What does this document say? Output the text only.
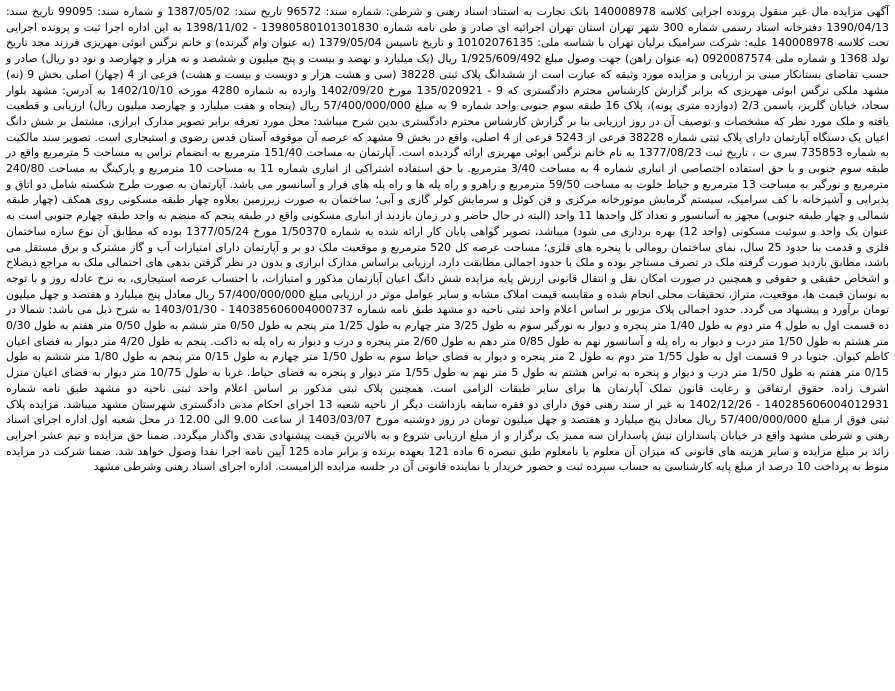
آگهی مزایده مال غیر منقول پرونده اجرایی کلاسه 140008978 بانک تجارت به استناد اسناد رهنی و شرطی: شماره سند: 96572 تاریخ سند: 1387/05/02 و شماره سند: 99095 تاریخ سند: 1390/04/13 دفترخانه اسناد رسمی شماره 300 شهر تهران استان تهران اجرائیه ای صادر و طی نامه شماره 13980580101301830 - 1398/11/02 به این اداره اجرا ثبت و پرونده اجرایی تحت کلاسه 140008978 علیه: شرکت سرامیک برلیان تهران با شناسه ملی: 10102076135 و تاریخ تاسیس 1379/05/04 (به عنوان وام گیرنده) و خانم نرگس ابوئی مهریزی فرزند مجد تاریخ تولد 1368 و شماره ملی 0920087574 (به عنوان راهن) جهت وصول مبلغ 1/925/609/492 ریال (یک میلیارد و نهصد و بیست و پنج میلیون و ششصد و نه هزار و چهارصد و نود دو ریال) صادر و حسب تقاضای بستانکار مبنی بر ارزیابی و مزایده مورد وثیقه که عبارت است از ششدانگ پلاک ثبتی 38228 (سی و هشت هزار و دویست و بیست و هشت) فرعی از 4 (چهار) اصلی بخش 9 (نه) مشهد ملکی نرگس ابوئی مهریزی که برابر گزارش کارشناس محترم دادگستری که 9 - 135/020921 مورخ 1402/09/20 وارده به شماره 4280 مورخه 1402/10/10 به آدرس: مشهد بلوار سجاد، خیابان گلریز، یاسمن 2/3 (دوازده متری پونه)، پلاک 16 طبقه سوم جنوبی واحد شماره 9 به مبلغ 57/400/000/000 ریال (پنجاه و هفت میلیارد و چهارصد میلیون ریال) ارزیابی و قطعیت یافته و ملک مورد نظر که مشخصات و توصیف آن در روز ارزیابی بنا بر گزارش کارشناس محترم دادگستری بدین شرح میباشد: محل مورد تعرفه برابر تصویر مدارک ابرازی، مشتمل بر شش دانگ اعیان یک دستگاه آپارتمان دارای پلاک ثبتی شماره 38228 فرعی از 5243 فرعی از 4 اصلی، واقع در بخش 9 مشهد که عرصه آن موقوفه آستان قدس رضوی و استیجاری است. تصویر سند مالکیت به شماره 735853 سری ت ، تاریخ ثبت 1377/08/23 به نام خانم نرگس ابوئی مهریزی ارائه گردیده است. آپارتمان به مساحت 151/40 مترمربع به انضمام تراس به مساحت 5 مترمربع واقع در طبقه سوم جنوبی و با حق استفاده اختصاصی از انباری شماره 4 به مساحت 3/40 مترمربع. با حق استفاده اشتراکی از انباری شماره 11 به مساحت 10 مترمربع و پارکینگ به مساحت 240/80 مترمربع و نورگیر به مساحت 13 مترمربع و حیاط خلوت به مساحت 59/50 مترمربع و راهرو و راه پله ها و راه پله های فرار و آسانسور می باشد. آپارتمان به صورت طرح شکسته شامل دو اتاق و پذیرایی و آشپزخانه با کف سرامیک، سیستم گرمایش موتورخانه مرکزی و فن کوئل و سرمایش کولر گازی و آبی؛ ساختمان به صورت زیرزمین بعلاوه چهار طبقه مسکونی روی همکف (چهار طبقه شمالی و چهار طبقه جنوبی) مجهز به آسانسور و تعداد کل واحدها 11 واحد (البته در حال حاضر و در زمان بازدید از انباری مسکونی واقع در طبقه پنجم که منضم به واحد طبقه چهارم جنوبی است به عنوان یک واحد و سوئیت مسکونی (واحد 12) بهره برداری می شود) میباشد، تصویر گواهی پایان کار ارائه شده به شماره 1/50370 مورخ 1377/05/24 بوده که مطابق آن نوع سازه ساختمان فلزی و قدمت بنا حدود 25 سال، نمای ساختمان رومالی با پنجره های فلزی؛ مساحت عرصه کل 520 مترمربع و موقعیت ملک دو بر و آپارتمان دارای امتیازات آب و گاز مشترک و برق مستقل می باشد، مطابق بازدید صورت گرفته ملک در تصرف مستاجر بوده و ملک با حدود اجمالی مطابقت دارد، ارزیابی براساس مدارک ابرازی و بدون در نظر گرفتن بدهی های احتمالی ملک به مراجع ذیصلاح و اشخاص حقیقی و حقوقی و همچنین در صورت امکان نقل و انتقال قانونی ارزش پایه مزایده شش دانگ اعیان آپارتمان مذکور و امتیازات، با احتساب عرصه استیجاری، به نرخ عادله روز و با توجه به نوسان قیمت ها، موقعیت، متراژ، تحقیقات محلی انجام شده و مقایسه قیمت املاک مشابه و سایر عوامل موثر در ارزیابی مبلغ 57/400/000/000 ریال معادل پنج میلیارد و هفتصد و چهل میلیون تومان برآورد و پیشنهاد می گردد. حدود اجمالی پلاک مزبور بر اساس اعلام واحد ثبتی ناحیه دو مشهد طبق نامه شماره 140385606004000737 - 1403/01/30 به شرح ذیل می باشد: شمالا در ده قسمت اول به طول 4 متر دوم به طول 1/40 متر پنجره و دیوار به نورگیر سوم به طول 3/25 متر چهارم به طول 1/25 متر پنجم به طول 0/50 متر ششم به طول 0/50 متر هفتم به طول 0/30 متر هشتم به طول 1/50 متر درب و دیوار به راه پله و آسانسور نهم به طول 0/85 متر دهم به طول 2/60 متر پنجره و درب و دیوار به راه پله به داکت. پنجم به طول 4/20 متر دیوار به فضای اعیان کاظم کیوان. جنوبا در 9 قسمت اول به طول 1/55 متر دوم به طول 2 متر پنجره و دیوار به فضای حیاط سوم به طول 1/50 متر چهارم به طول 0/15 متر پنجم به طول 1/80 متر ششم به طول 0/15 متر هفتم به طول 1/50 متر درب و دیوار و پنجره به تراس هشتم به طول 5 متر نهم به طول 1/55 متر دیوار و پنجره به فضای حیاط. غربا به طول 10/75 متر دیوار به فضای اعیان منزل اشرف زاده. حقوق ارتفاقی و رعایت قانون تملک آپارتمان ها برای سایر طبقات الزامی است. همچنین پلاک ثبتی مذکور بر اساس اعلام واحد ثبتی ناحیه دو مشهد طبق نامه شماره 140285606004012931 - 1402/12/26 به غیر از سند رهنی فوق دارای دو فقره سابقه بازداشت دیگر از ناحیه شعبه 13 اجرای احکام مدنی دادگستری شهرستان مشهد میباشد. مزایده پلاک ثبتی فوق از مبلغ 57/400/000/000 ریال معادل پنج میلیارد و هفتصد و چهل میلیون تومان در روز دوشنبه مورخ 1403/03/07 از ساعت 9.00 الی 12.00 در محل شعبه اول اداره اجرای اسناد رهنی و شرطی مشهد واقع در خیابان پاسداران نبش پاسداران سه ممیز یک برگزار و از مبلغ ارزیابی شروع و به بالاترین قیمت پیشنهادی نقدی واگذار میگردد. ضمنا حق مزایده و نیم عشر اجرایی زائد بر مبلغ مزایده و سایر هزینه های قانونی که میزان آن معلوم یا نامعلوم طبق تبصره 6 ماده 121 بعهده برنده و برابر ماده 125 آیین نامه اجرا نقدا وصول خواهد شد. ضمنا شرکت در مزایده منوط به پرداخت 10 درصد از مبلغ پایه کارشناسی به حساب سپرده ثبت و حضور خریدار یا نماینده قانونی آن در جلسه مزایده الزامیست. اداره اجرای اسناد رهنی وشرطی مشهد
